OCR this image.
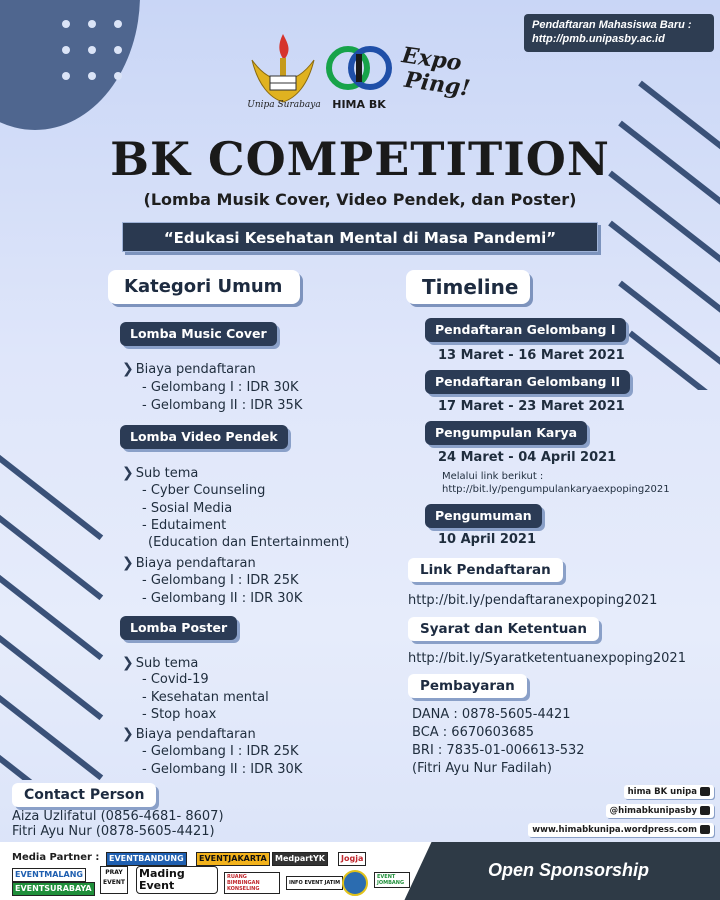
Pendaftaran Mahasiswa Baru :
http://pmb.unipasby.ac.id
Unipa Surabaya	HIMA BK
Expo
Ping!
BK COMPETITION
(Lomba Musik Cover, Video Pendek, dan Poster)
“Edukasi Kesehatan Mental di Masa Pandemi”
Kategori Umum
Lomba Music Cover
❯ Biaya pendaftaran
- Gelombang I : IDR 30K
- Gelombang II : IDR 35K
Lomba Video Pendek
❯ Sub tema
- Cyber Counseling
- Sosial Media
- Edutaiment
(Education dan Entertainment)
❯ Biaya pendaftaran
- Gelombang I : IDR 25K
- Gelombang II : IDR 30K
Lomba Poster
❯ Sub tema
- Covid-19
- Kesehatan mental
- Stop hoax
❯ Biaya pendaftaran
- Gelombang I : IDR 25K
- Gelombang II : IDR 30K
Timeline
Pendaftaran Gelombang I
13 Maret - 16 Maret 2021
Pendaftaran Gelombang II
17 Maret - 23 Maret 2021
Pengumpulan Karya
24 Maret - 04 April 2021
Melalui link berikut :
http://bit.ly/pengumpulankaryaexpoping2021
Pengumuman
10 April 2021
Link Pendaftaran
http://bit.ly/pendaftaranexpoping2021
Syarat dan Ketentuan
http://bit.ly/Syaratketentuanexpoping2021
Pembayaran
DANA : 0878-5605-4421
BCA : 6670603685
BRI : 7835-01-006613-532
(Fitri Ayu Nur Fadilah)
Contact Person
Aiza Uzlifatul (0856-4681- 8607)
Fitri Ayu Nur (0878-5605-4421)
hima BK unipa
@himabkunipasby
www.himabkunipa.wordpress.com
Media Partner :	EVENTBANDUNG	EVENTJAKARTA	MedpartYK	Jogja
EVENTMALANG
EVENTSURABAYA
PRAY EVENT
Mading Event
RUANG BIMBINGAN KONSELING
INFO EVENT JATIM
EVENT JOMBANG
Open Sponsorship
